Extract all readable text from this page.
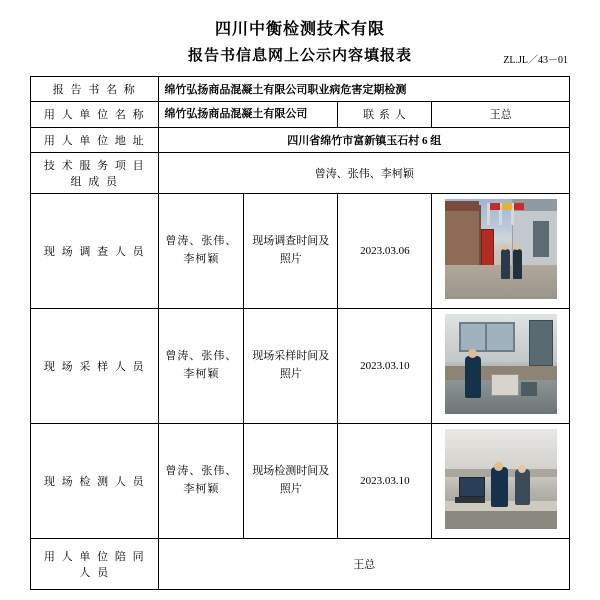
四川中衡检测技术有限
报告书信息网上公示内容填报表	ZL.JL／43－01
报 告 书 名 称	绵竹弘扬商品混凝土有限公司职业病危害定期检测			
用 人 单 位 名 称	绵竹弘扬商品混凝土有限公司		联 系 人	王总
用 人 单 位 地 址	四川省绵竹市富新镇玉石村 6 组			
技 术 服 务 项 目 组 成 员	曾涛、张伟、李柯颖			
现 场 调 查 人 员	曾涛、张伟、李柯颖	现场调查时间及照片	2023.03.06	

现 场 采 样 人 员	曾涛、张伟、李柯颖	现场采样时间及照片	2023.03.10	

现 场 检 测 人 员	曾涛、张伟、李柯颖	现场检测时间及照片	2023.03.10	

用 人 单 位 陪 同 人 员	王总			
